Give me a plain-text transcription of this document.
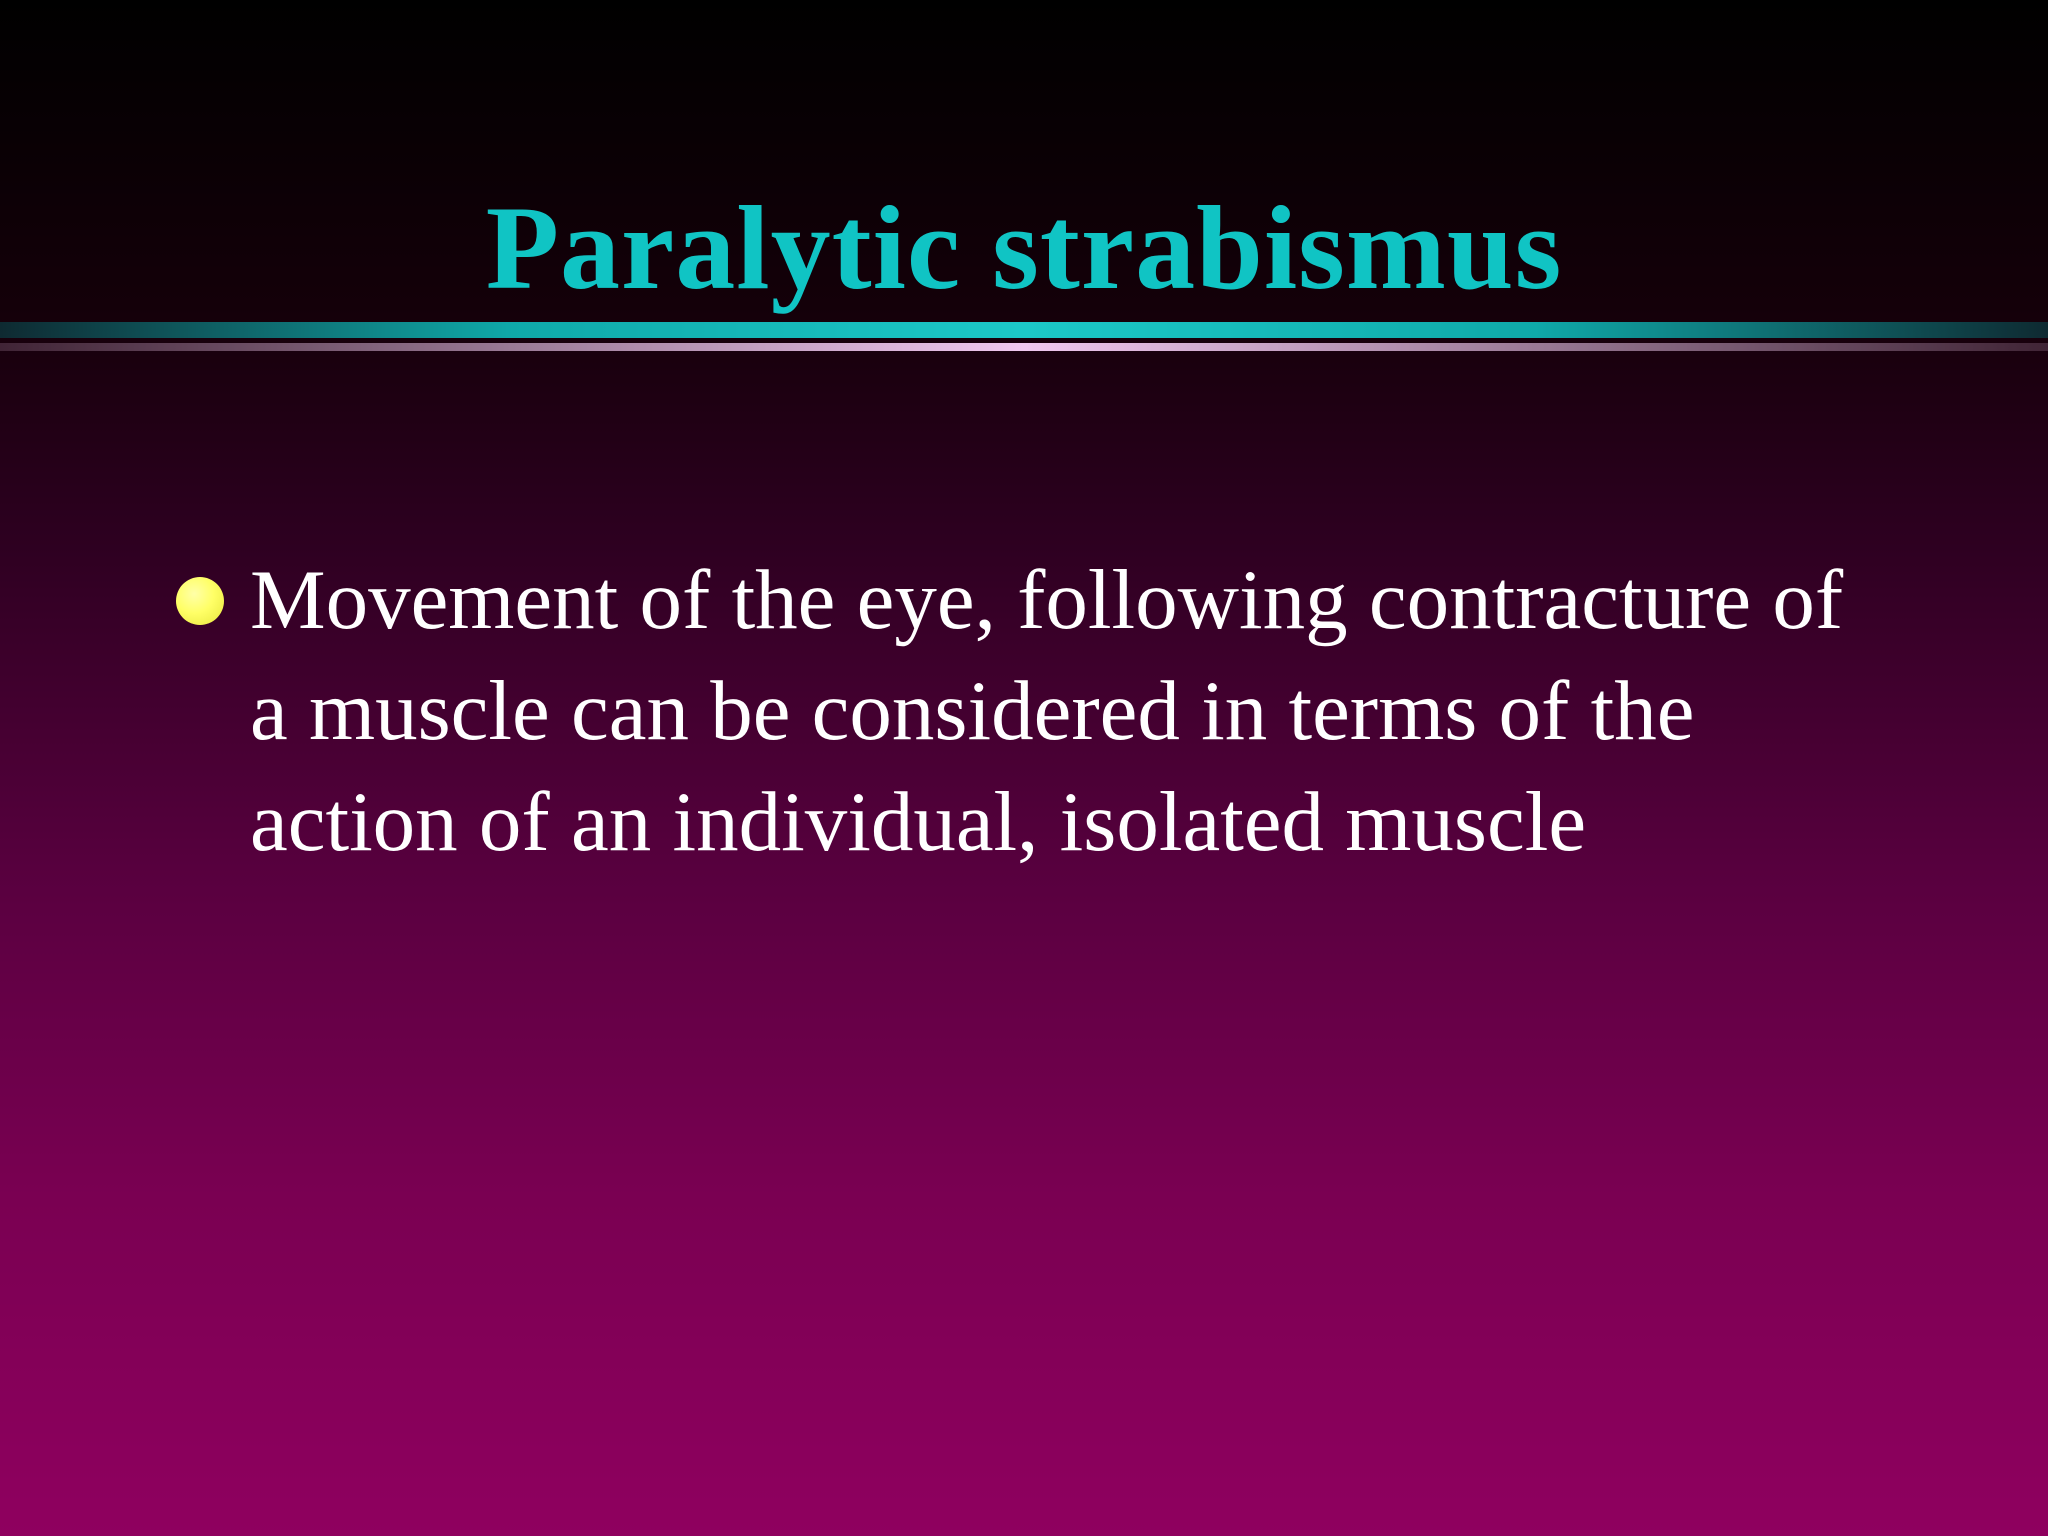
Paralytic strabismus
Movement of the eye, following contracture of a muscle can be considered in terms of the action of an individual, isolated muscle
